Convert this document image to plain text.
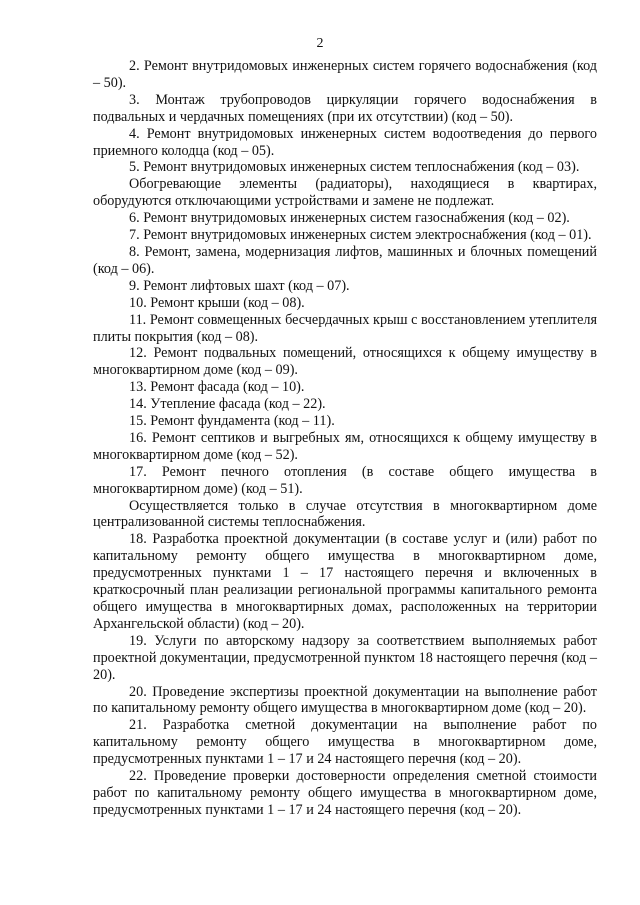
2

2. Ремонт внутридомовых инженерных систем горячего водоснабжения (код – 50).

3. Монтаж трубопроводов циркуляции горячего водоснабжения в подвальных и чердачных помещениях (при их отсутствии) (код – 50).

4. Ремонт внутридомовых инженерных систем водоотведения до первого приемного колодца (код – 05).

5. Ремонт внутридомовых инженерных систем теплоснабжения (код – 03).

Обогревающие элементы (радиаторы), находящиеся в квартирах, оборудуются отключающими устройствами и замене не подлежат.

6. Ремонт внутридомовых инженерных систем газоснабжения (код – 02).

7. Ремонт внутридомовых инженерных систем электроснабжения (код – 01).

8. Ремонт, замена, модернизация лифтов, машинных и блочных помещений (код – 06).

9. Ремонт лифтовых шахт (код – 07).

10. Ремонт крыши (код – 08).

11. Ремонт совмещенных бесчердачных крыш с восстановлением утеплителя плиты покрытия (код – 08).

12. Ремонт подвальных помещений, относящихся к общему имуществу в многоквартирном доме (код – 09).

13. Ремонт фасада (код – 10).

14. Утепление фасада (код – 22).

15. Ремонт фундамента (код – 11).

16. Ремонт септиков и выгребных ям, относящихся к общему имуществу в многоквартирном доме (код – 52).

17. Ремонт печного отопления (в составе общего имущества в многоквартирном доме) (код – 51).

Осуществляется только в случае отсутствия в многоквартирном доме централизованной системы теплоснабжения.

18. Разработка проектной документации (в составе услуг и (или) работ по капитальному ремонту общего имущества в многоквартирном доме, предусмотренных пунктами 1 – 17 настоящего перечня и включенных в краткосрочный план реализации региональной программы капитального ремонта общего имущества в многоквартирных домах, расположенных на территории Архангельской области) (код – 20).

19. Услуги по авторскому надзору за соответствием выполняемых работ проектной документации, предусмотренной пунктом 18 настоящего перечня (код – 20).

20. Проведение экспертизы проектной документации на выполнение работ по капитальному ремонту общего имущества в многоквартирном доме (код – 20).

21. Разработка сметной документации на выполнение работ по капитальному ремонту общего имущества в многоквартирном доме, предусмотренных пунктами 1 – 17 и 24 настоящего перечня (код – 20).

22. Проведение проверки достоверности определения сметной стоимости работ по капитальному ремонту общего имущества в многоквартирном доме, предусмотренных пунктами 1 – 17 и 24 настоящего перечня (код – 20).
